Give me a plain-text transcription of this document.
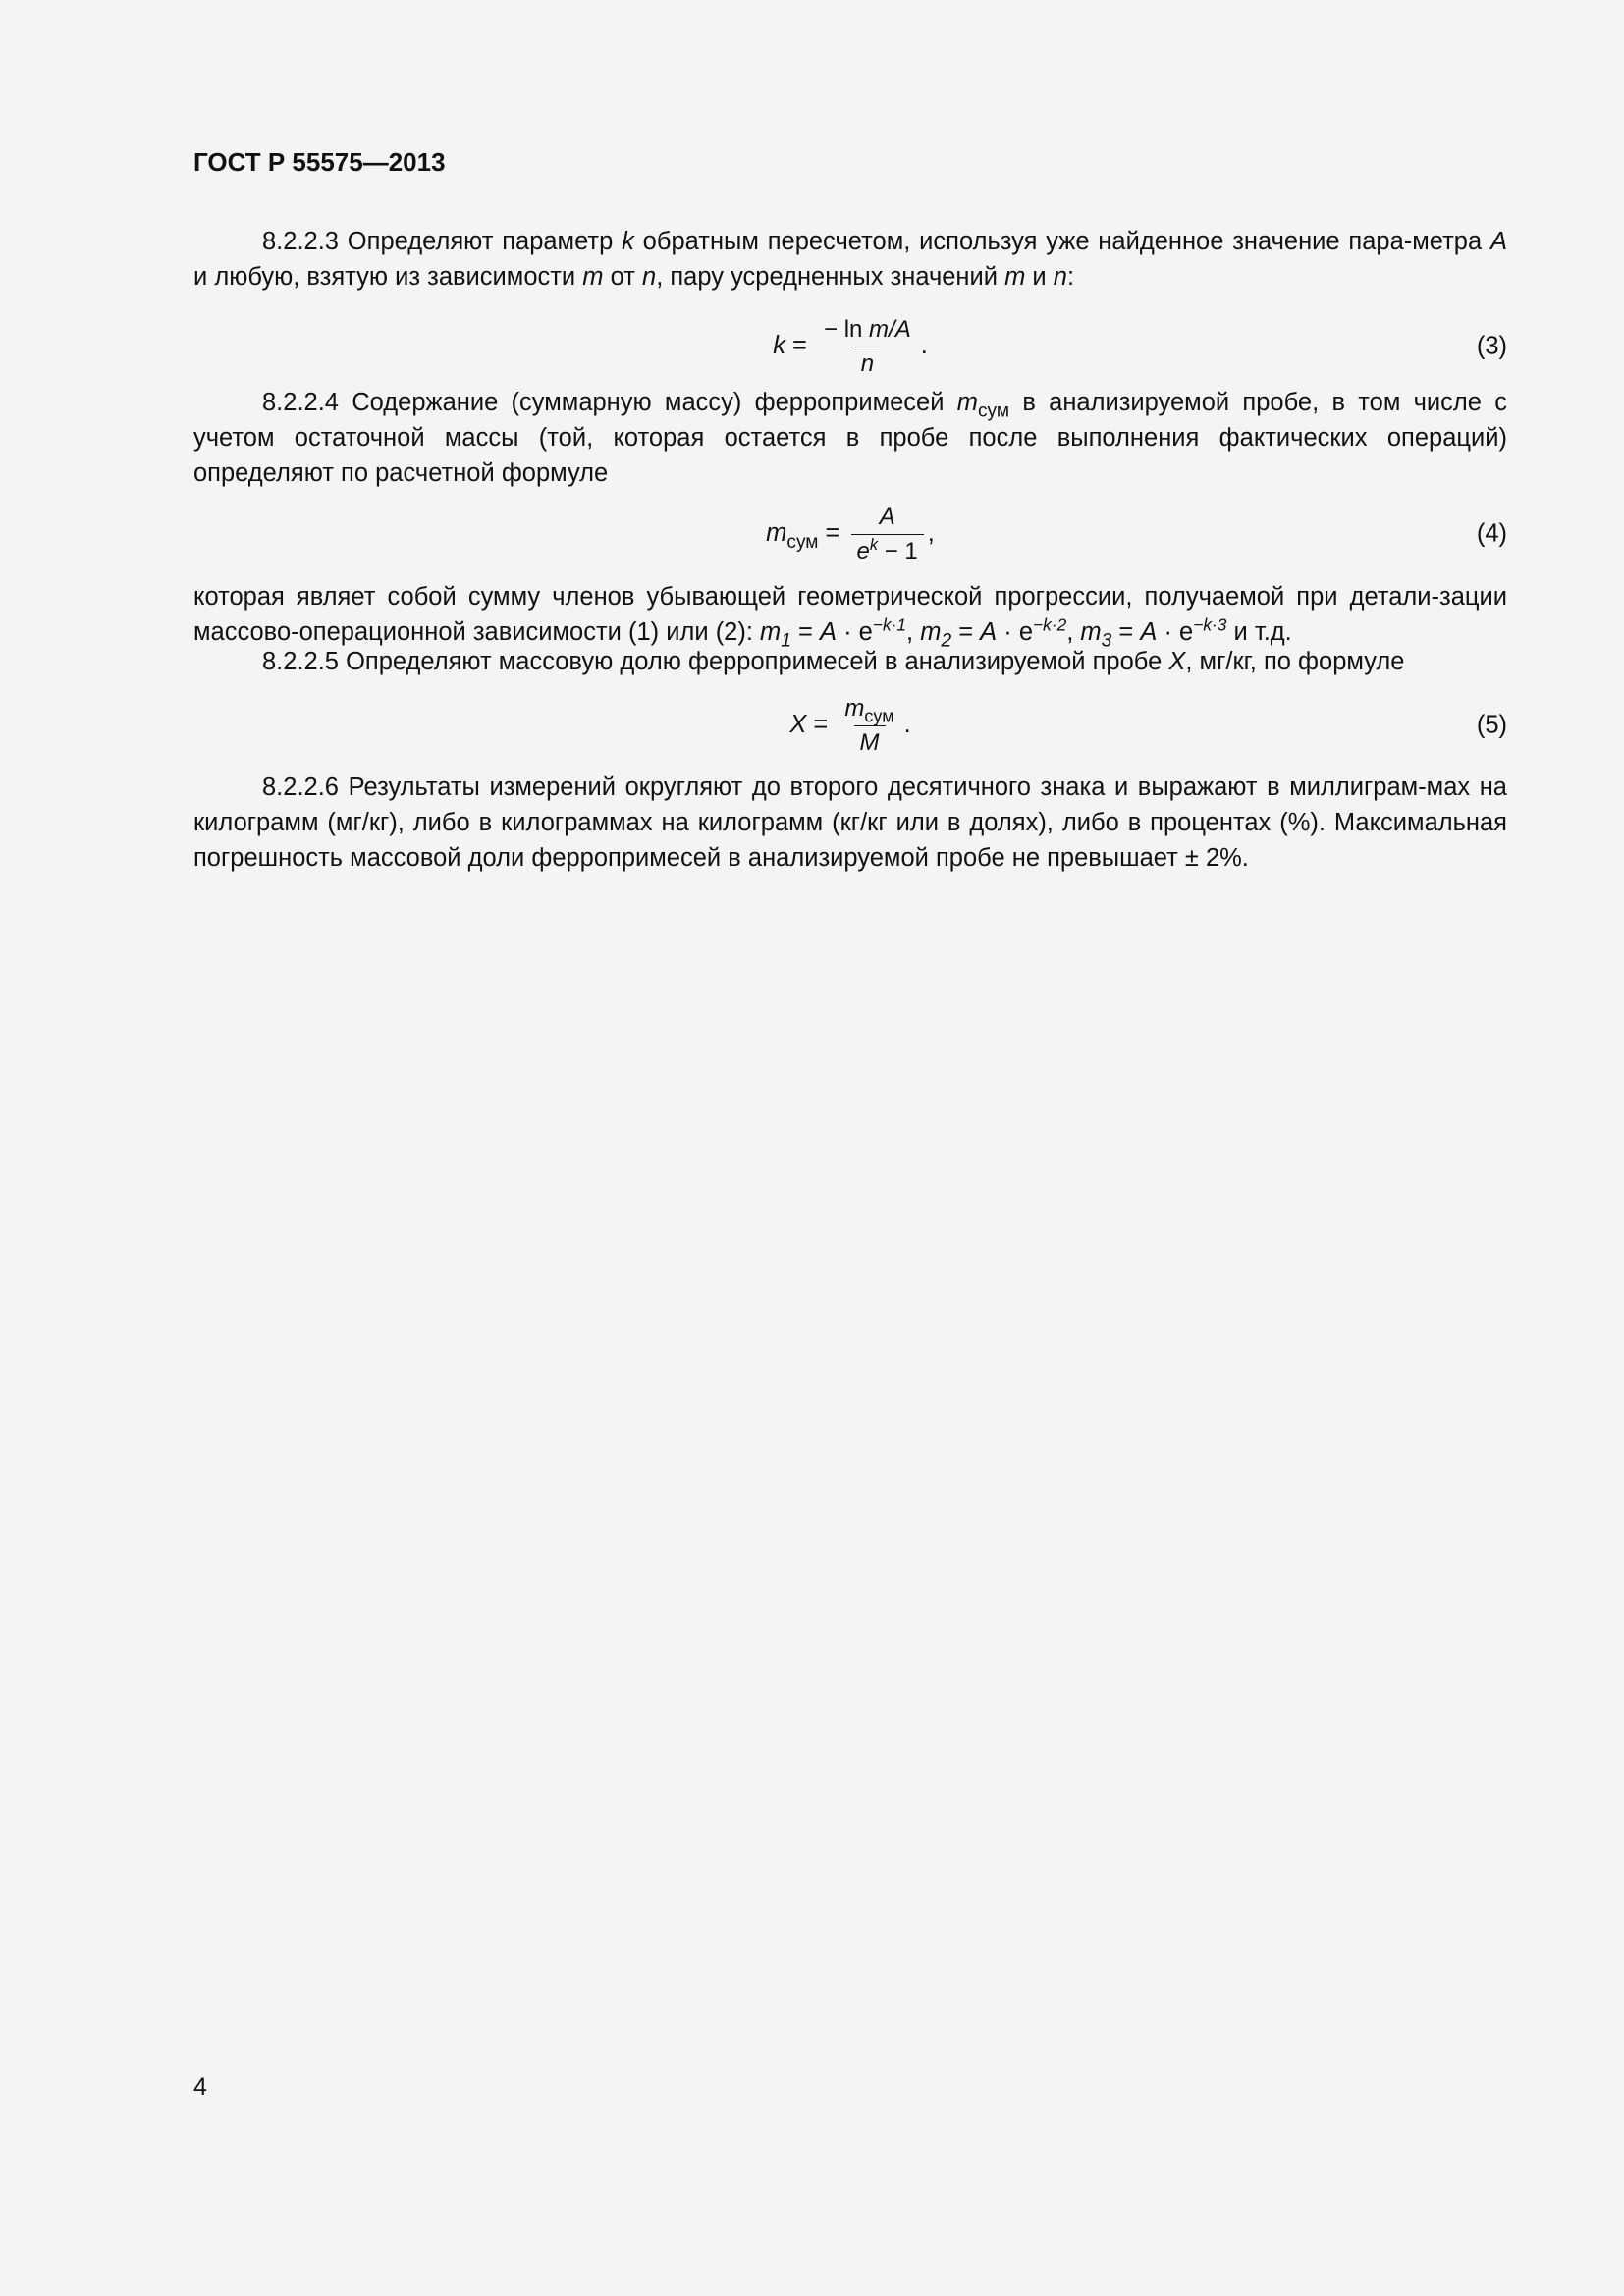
ГОСТ Р 55575—2013
8.2.2.3 Определяют параметр k обратным пересчетом, используя уже найденное значение пара-метра A и любую, взятую из зависимости m от n, пару усредненных значений m и n:
$k = \frac{\text{− ln m/A}}{n}$ .	(3)
8.2.2.4 Содержание (суммарную массу) ферропримесей $m_{сум}$ в анализируемой пробе, в том числе с учетом остаточной массы (той, которая остается в пробе после выполнения фактических операций) определяют по расчетной формуле
$m_{сум} = \frac{A}{e^k - 1}$ ,	(4)
которая являет собой сумму членов убывающей геометрической прогрессии, получаемой при детали-зации массово-операционной зависимости (1) или (2): $m_1 = A \cdot e^{-k\cdot 1}$, $m_2 = A \cdot e^{-k\cdot 2}$, $m_3 = A \cdot e^{-k\cdot 3}$ и т.д.
8.2.2.5 Определяют массовую долю ферропримесей в анализируемой пробе X, мг/кг, по формуле
$X = \frac{m_{сум}}{M}$ .	(5)
8.2.2.6 Результаты измерений округляют до второго десятичного знака и выражают в миллиграм-мах на килограмм (мг/кг), либо в килограммах на килограмм (кг/кг или в долях), либо в процентах (%). Максимальная погрешность массовой доли ферропримесей в анализируемой пробе не превышает ± 2%.
4
